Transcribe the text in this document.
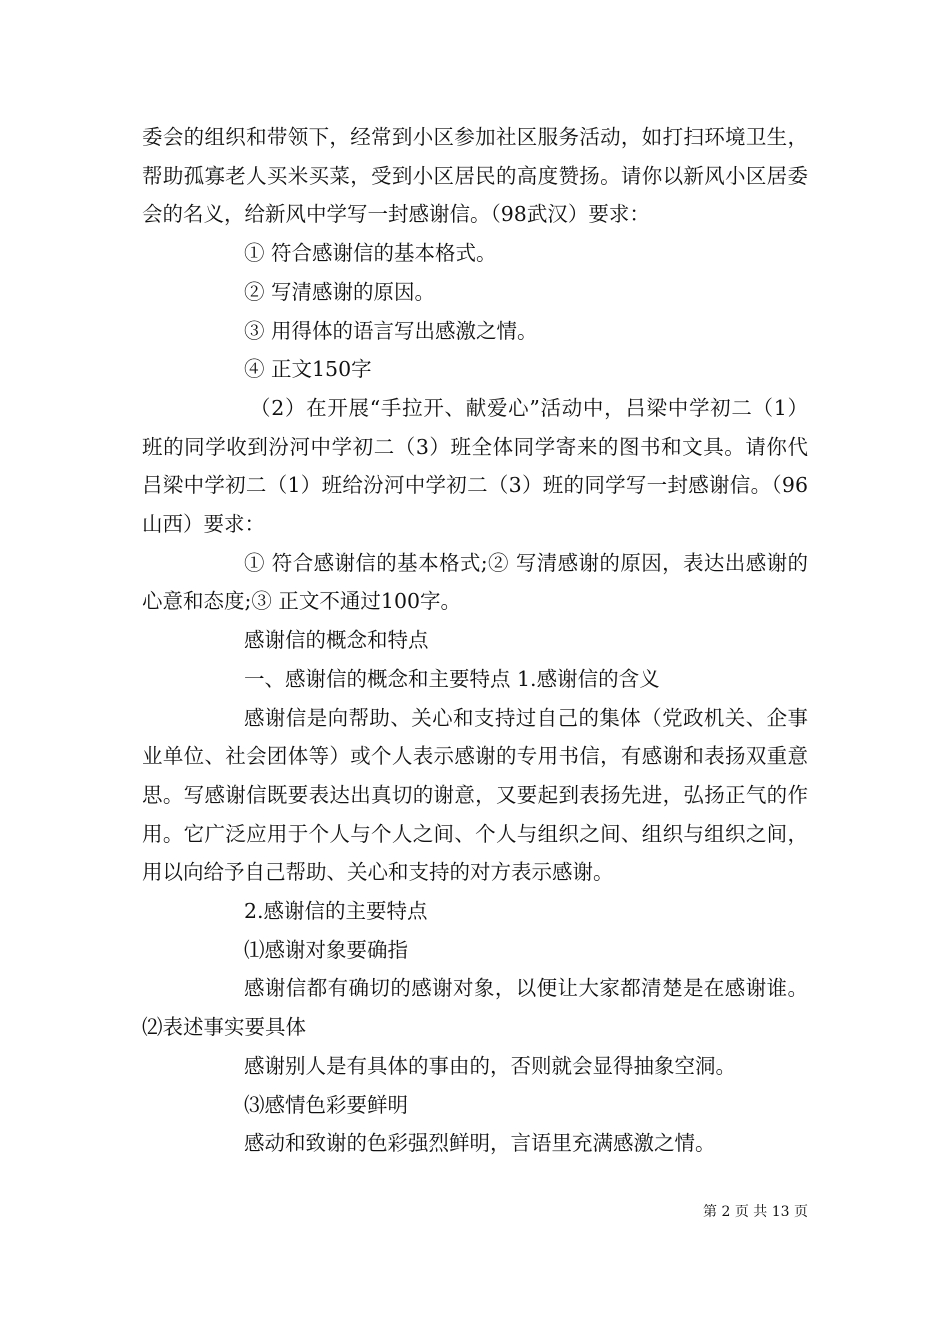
委会的组织和带领下，经常到小区参加社区服务活动，如打扫环境卫生，帮助孤寡老人买米买菜，受到小区居民的高度赞扬。请你以新风小区居委会的名义，给新风中学写一封感谢信。（98武汉）要求：

① 符合感谢信的基本格式。

② 写清感谢的原因。

③ 用得体的语言写出感激之情。

④ 正文150字

（2）在开展“手拉开、献爱心”活动中，吕梁中学初二（1）班的同学收到汾河中学初二（3）班全体同学寄来的图书和文具。请你代吕梁中学初二（1）班给汾河中学初二（3）班的同学写一封感谢信。（96山西）要求：

① 符合感谢信的基本格式;② 写清感谢的原因，表达出感谢的心意和态度;③ 正文不通过100字。

感谢信的概念和特点

一、感谢信的概念和主要特点 1.感谢信的含义

感谢信是向帮助、关心和支持过自己的集体（党政机关、企事业单位、社会团体等）或个人表示感谢的专用书信，有感谢和表扬双重意思。写感谢信既要表达出真切的谢意，又要起到表扬先进，弘扬正气的作用。它广泛应用于个人与个人之间、个人与组织之间、组织与组织之间，用以向给予自己帮助、关心和支持的对方表示感谢。

2.感谢信的主要特点

⑴感谢对象要确指

感谢信都有确切的感谢对象，以便让大家都清楚是在感谢谁。⑵表述事实要具体

感谢别人是有具体的事由的，否则就会显得抽象空洞。

⑶感情色彩要鲜明

感动和致谢的色彩强烈鲜明，言语里充满感激之情。

第 2 页 共 13 页
